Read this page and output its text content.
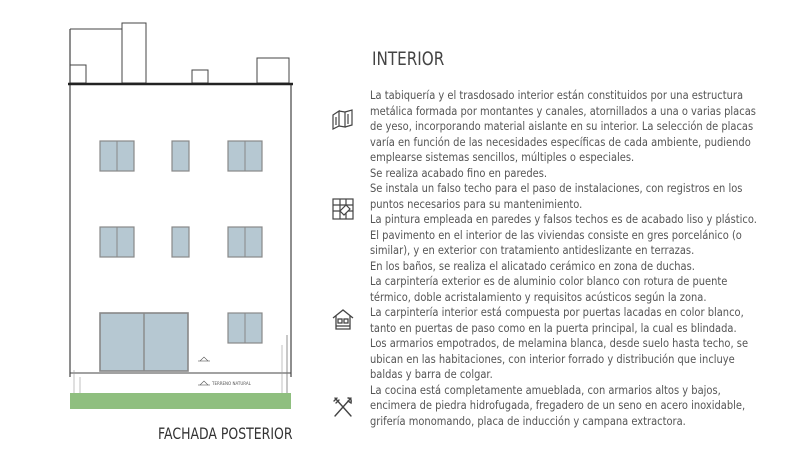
TERRENO NATURAL
FACHADA POSTERIOR
INTERIOR

La tabiquería y el trasdosado interior están constituidos por una estructura metálica formada por montantes y canales, atornillados a una o varias placas de yeso, incorporando material aislante en su interior. La selección de placas varía en función de las necesidades específicas de cada ambiente, pudiendo emplearse sistemas sencillos, múltiples o especiales.

Se realiza acabado fino en paredes.

Se instala un falso techo para el paso de instalaciones, con registros en los puntos necesarios para su mantenimiento.

La pintura empleada en paredes y falsos techos es de acabado liso y plástico.

El pavimento en el interior de las viviendas consiste en gres porcelánico (o similar), y en exterior con tratamiento antideslizante en terrazas.

En los baños, se realiza el alicatado cerámico en zona de duchas.

La carpintería exterior es de aluminio color blanco con rotura de puente térmico, doble acristalamiento y requisitos acústicos según la zona.

La carpintería interior está compuesta por puertas lacadas en color blanco, tanto en puertas de paso como en la puerta principal, la cual es blindada.

Los armarios empotrados, de melamina blanca, desde suelo hasta techo, se ubican en las habitaciones, con interior forrado y distribución que incluye baldas y barra de colgar.

La cocina está completamente amueblada, con armarios altos y bajos, encimera de piedra hidrofugada, fregadero de un seno en acero inoxidable, grifería monomando, placa de inducción y campana extractora.
